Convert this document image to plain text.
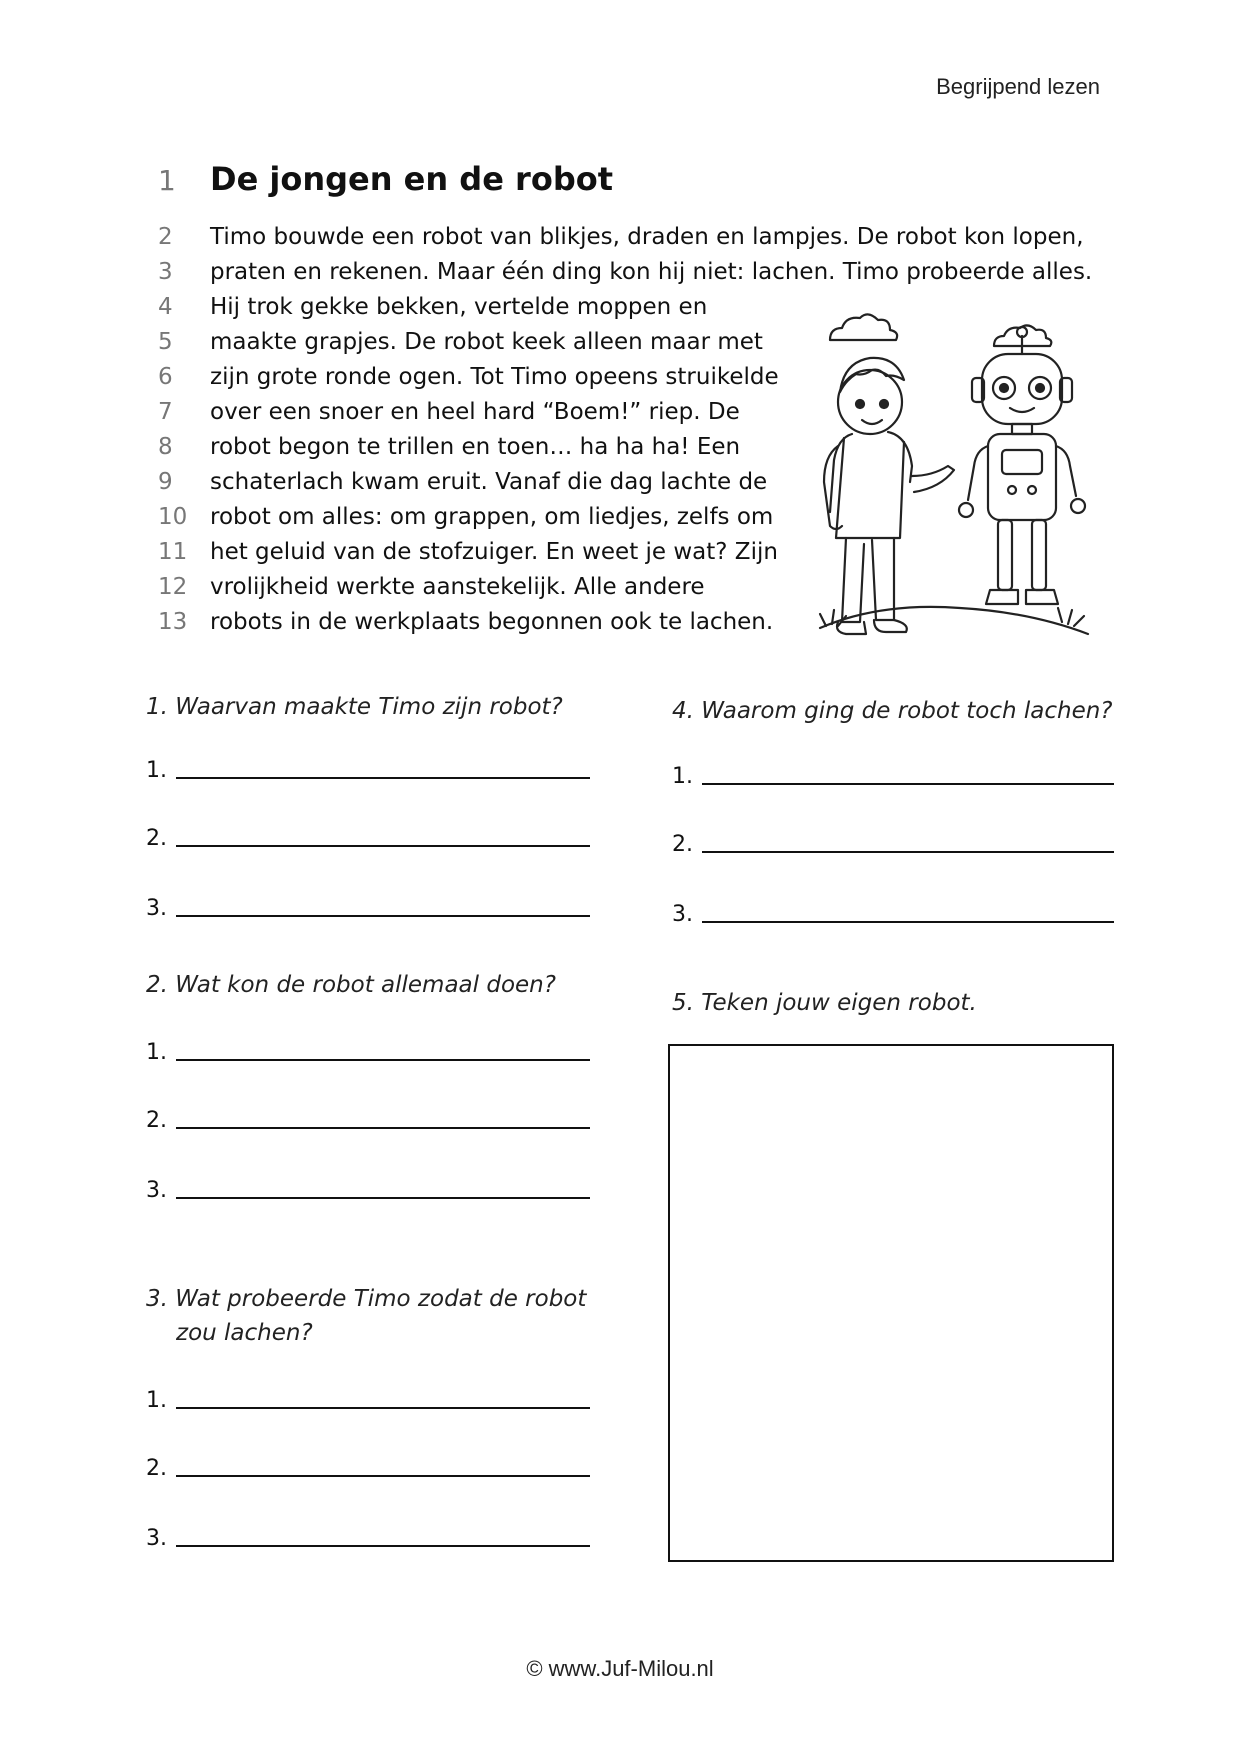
Begrijpend lezen
1	De jongen en de robot
2	Timo bouwde een robot van blikjes, draden en lampjes. De robot kon lopen,
3	praten en rekenen. Maar één ding kon hij niet: lachen. Timo probeerde alles.
4	Hij trok gekke bekken, vertelde moppen en
5	maakte grapjes. De robot keek alleen maar met
6	zijn grote ronde ogen. Tot Timo opeens struikelde
7	over een snoer en heel hard “Boem!” riep. De
8	robot begon te trillen en toen… ha ha ha! Een
9	schaterlach kwam eruit. Vanaf die dag lachte de
10 robot om alles: om grappen, om liedjes, zelfs om
11 het geluid van de stofzuiger. En weet je wat? Zijn
12 vrolijkheid werkte aanstekelijk. Alle andere
13 robots in de werkplaats begonnen ook te lachen.
1. Waarvan maakte Timo zijn robot?
1.
2.
3.
2. Wat kon de robot allemaal doen?
1.
2.
3.
3. Wat probeerde Timo zodat de robot
zou lachen?
1.
2.
3.
4. Waarom ging de robot toch lachen?
1.
2.
3.
5. Teken jouw eigen robot.
© www.Juf-Milou.nl
